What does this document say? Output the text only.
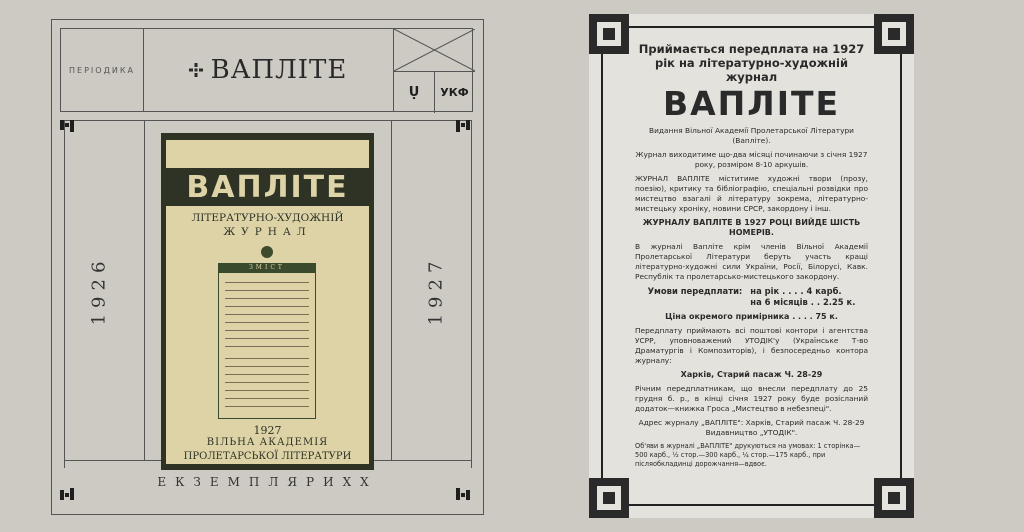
ПЕРІОДИКА	ВАПЛІТЕ
Ụ	УКФ
1926	1927
ВАПЛІТЕ
ЛІТЕРАТУРНО-ХУДОЖНІЙ
ЖУРНАЛ
ЗМІСТ
1927
ВІЛЬНА АКАДЕМІЯ
ПРОЛЕТАРСЬКОЇ ЛІТЕРАТУРИ
ЕКЗЕМПЛЯРИХХ

Приймається передплата на 1927 рік на літературно-художній журнал

ВАПЛІТЕ

Видання Вільної Академії Пролетарської Літератури (Вапліте).

Журнал виходитиме що-два місяці починаючи з січня 1927 року, розміром 8-10 аркушів.

ЖУРНАЛ ВАПЛІТЕ міститиме художні твори (прозу, поезію), критику та бібліографію, спеціальні розвідки про мистецтво взагалі й літературу зокрема, літературно-мистецьку хроніку, новини СРСР, закордону і інш.

ЖУРНАЛУ ВАПЛІТЕ В 1927 РОЦІ ВИЙДЕ ШІСТЬ НОМЕРІВ.

В журналі Вапліте крім членів Вільної Академії Пролетарської Літератури беруть участь кращі літературно-художні сили України, Росії, Білорусі, Кавк. Республік та пролетарсько-мистецького закордону.

Умови передплати: на рік . . . . 4 карб.
на 6 місяців . . 2.25 к.

Ціна окремого примірника . . . . 75 к.

Передплату приймають всі поштові контори і агентства УСРР, уповноважений УТОДІК'у (Українське Т-во Драматургів і Композиторів), і безпосередньо контора журналу:

Харків, Старий пасаж Ч. 28-29

Річним передплатникам, що внесли передплату до 25 грудня б. р., в кінці січня 1927 року буде розісланий додаток—книжка Гроса „Мистецтво в небезпеці".

Адрес журналу „ВАПЛІТЕ": Харків, Старий пасаж Ч. 28-29 Видавництво „УТОДІК".

Об'яви в журналі „ВАПЛІТЕ" друкуються на умовах: 1 сторінка—500 карб., ½ стор.—300 карб., ¼ стор.—175 карб., при післяобкладинці дорожчання—вдвоє.
